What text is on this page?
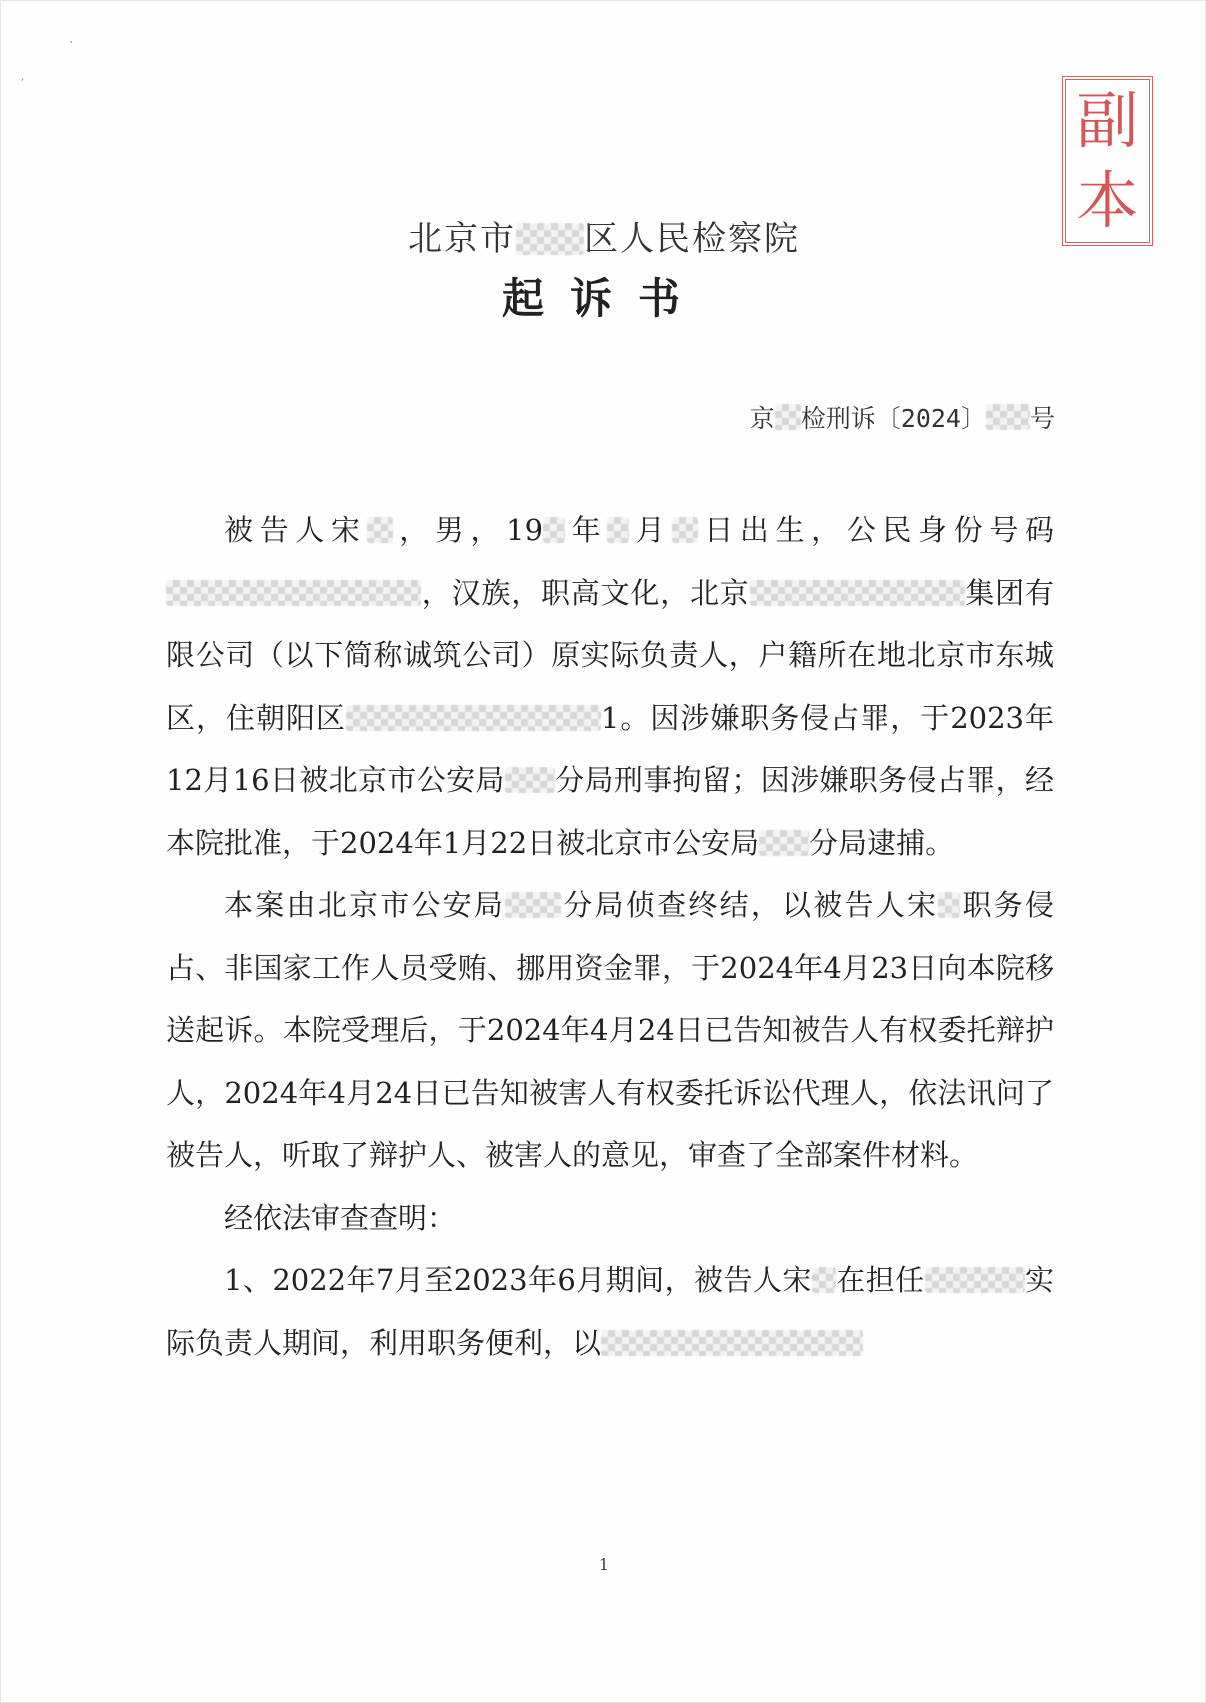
·
′	副
本
北京市 区人民检察院
起诉书
京 检刑诉〔2024〕 号

被告人宋 ，男，19 年 月 日出生，公民身份号码，汉族，职高文化，北京	集团有限公司（以下简称诚筑公司）原实际负责人，户籍所在地北京市东城区，住朝阳区	1。因涉嫌职务侵占罪，于2023年12月16日被北京市公安局 分局刑事拘留；因涉嫌职务侵占罪，经本院批准，于2024年1月22日被北京市公安局 分局逮捕。

本案由北京市公安局 分局侦查终结，以被告人宋 职务侵占、非国家工作人员受贿、挪用资金罪，于2024年4月23日向本院移送起诉。本院受理后，于2024年4月24日已告知被告人有权委托辩护人，2024年4月24日已告知被害人有权委托诉讼代理人，依法讯问了被告人，听取了辩护人、被害人的意见，审查了全部案件材料。

经依法审查查明：

1、2022年7月至2023年6月期间，被告人宋 在担任	实际负责人期间，利用职务便利，以

1
